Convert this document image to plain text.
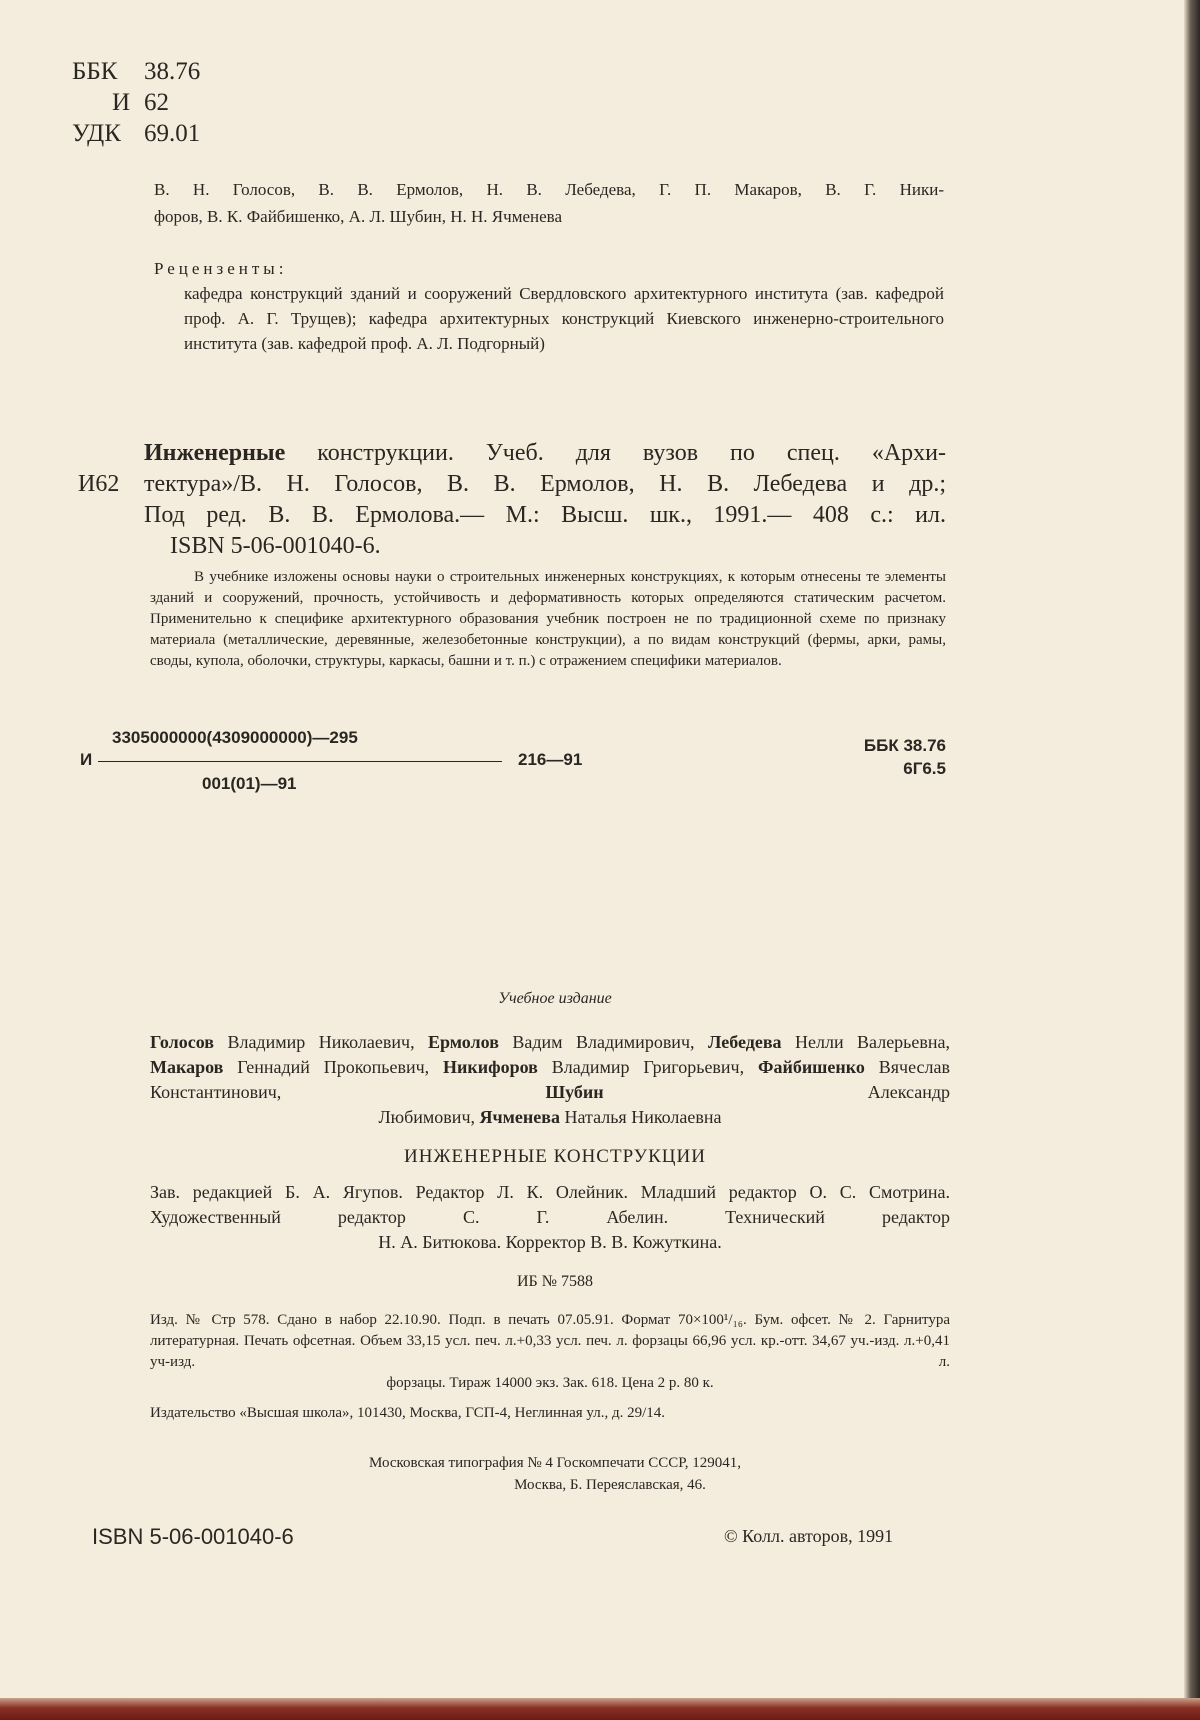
ББК	38.76
И 62
УДК 69.01
В. Н. Голосов, В. В. Ермолов, Н. В. Лебедева, Г. П. Макаров, В. Г. Ники-
форов, В. К. Файбишенко, А. Л. Шубин, Н. Н. Ячменева
Рецензенты:
кафедра конструкций зданий и сооружений Свердловского архитектурного института (зав. кафедрой проф. А. Г. Трущев); кафедра архитектурных конструкций Киевского инженерно-строительного института (зав. кафедрой проф. А. Л. Подгорный)
Инженерные конструкции. Учеб. для вузов по спец. «Архи-
И62	тектура»/В. Н. Голосов, В. В. Ермолов, Н. В. Лебедева и др.;
Под ред. В. В. Ермолова.— М.: Высш. шк., 1991.— 408 с.: ил.
ISBN 5-06-001040-6.
В учебнике изложены основы науки о строительных инженерных конструкциях, к которым отнесены те элементы зданий и сооружений, прочность, устойчивость и деформативность которых определяются статическим расчетом. Применительно к специфике архитектурного образования учебник построен не по традиционной схеме по признаку материала (металлические, деревянные, железобетонные конструкции), а по видам конструкций (фермы, арки, рамы, своды, купола, оболочки, структуры, каркасы, башни и т. п.) с отражением специфики материалов.
3305000000(4309000000)—295
И
001(01)—91
216—91
ББК 38.76
6Г6.5
Учебное издание
Голосов Владимир Николаевич, Ермолов Вадим Владимирович, Лебедева Нелли Валерьевна, Макаров Геннадий Прокопьевич, Никифоров Владимир Григорьевич, Файбишенко Вячеслав Константинович, Шубин Александр
Любимович, Ячменева Наталья Николаевна
ИНЖЕНЕРНЫЕ КОНСТРУКЦИИ
Зав. редакцией Б. А. Ягупов. Редактор Л. К. Олейник. Младший редактор О. С. Смотрина. Художественный редактор С. Г. Абелин. Технический редактор
Н. А. Битюкова. Корректор В. В. Кожуткина.
ИБ № 7588
Изд. № Стр 578. Сдано в набор 22.10.90. Подп. в печать 07.05.91. Формат 70×100¹/₁₆. Бум. офсет. № 2. Гарнитура литературная. Печать офсетная. Объем 33,15 усл. печ. л.+0,33 усл. печ. л. форзацы 66,96 усл. кр.-отт. 34,67 уч.-изд. л.+0,41 уч-изд. л.
форзацы. Тираж 14000 экз. Зак. 618. Цена 2 р. 80 к.
Издательство «Высшая школа», 101430, Москва, ГСП-4, Неглинная ул., д. 29/14.
Московская типография № 4 Госкомпечати СССР, 129041,
Москва, Б. Переяславская, 46.
ISBN 5-06-001040-6	© Колл. авторов, 1991
